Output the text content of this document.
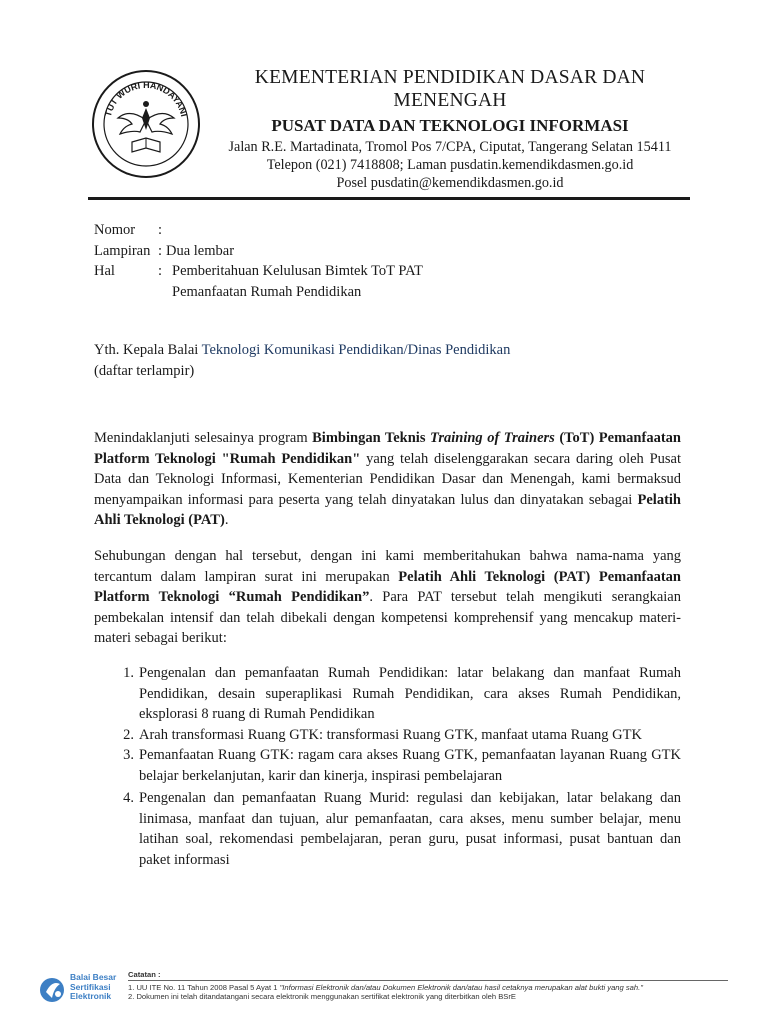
TUT WURI HANDAYANI
KEMENTERIAN PENDIDIKAN DASAR DAN
MENENGAH
PUSAT DATA DAN TEKNOLOGI INFORMASI
Jalan R.E. Martadinata, Tromol Pos 7/CPA, Ciputat, Tangerang Selatan 15411
Telepon (021) 7418808; Laman pusdatin.kemendikdasmen.go.id
Posel pusdatin@kemendikdasmen.go.id
Nomor	:
Lampiran : Dua lembar
Hal	: Pemberitahuan Kelulusan Bimtek ToT PAT
Pemanfaatan Rumah Pendidikan
Yth. Kepala Balai Teknologi Komunikasi Pendidikan/Dinas Pendidikan
(daftar terlampir)
Menindaklanjuti selesainya program Bimbingan Teknis Training of Trainers (ToT) Pemanfaatan Platform Teknologi "Rumah Pendidikan" yang telah diselenggarakan secara daring oleh Pusat Data dan Teknologi Informasi, Kementerian Pendidikan Dasar dan Menengah, kami bermaksud menyampaikan informasi para peserta yang telah dinyatakan lulus dan dinyatakan sebagai Pelatih Ahli Teknologi (PAT).
Sehubungan dengan hal tersebut, dengan ini kami memberitahukan bahwa nama-nama yang tercantum dalam lampiran surat ini merupakan Pelatih Ahli Teknologi (PAT) Pemanfaatan Platform Teknologi “Rumah Pendidikan”. Para PAT tersebut telah mengikuti serangkaian pembekalan intensif dan telah dibekali dengan kompetensi komprehensif yang mencakup materi-materi sebagai berikut:
1. Pengenalan dan pemanfaatan Rumah Pendidikan: latar belakang dan manfaat Rumah Pendidikan, desain superaplikasi Rumah Pendidikan, cara akses Rumah Pendidikan, eksplorasi 8 ruang di Rumah Pendidikan
2. Arah transformasi Ruang GTK: transformasi Ruang GTK, manfaat utama Ruang GTK
3. Pemanfaatan Ruang GTK: ragam cara akses Ruang GTK, pemanfaatan layanan Ruang GTK belajar berkelanjutan, karir dan kinerja, inspirasi pembelajaran
4. Pengenalan dan pemanfaatan Ruang Murid: regulasi dan kebijakan, latar belakang dan linimasa, manfaat dan tujuan, alur pemanfaatan, cara akses, menu sumber belajar, menu latihan soal, rekomendasi pembelajaran, peran guru, pusat informasi, pusat bantuan dan paket informasi
Balai Besar
Sertifikasi
Elektronik
Catatan :
1. UU ITE No. 11 Tahun 2008 Pasal 5 Ayat 1 "Informasi Elektronik dan/atau Dokumen Elektronik dan/atau hasil cetaknya merupakan alat bukti yang sah."
2. Dokumen ini telah ditandatangani secara elektronik menggunakan sertifikat elektronik yang diterbitkan oleh BSrE
